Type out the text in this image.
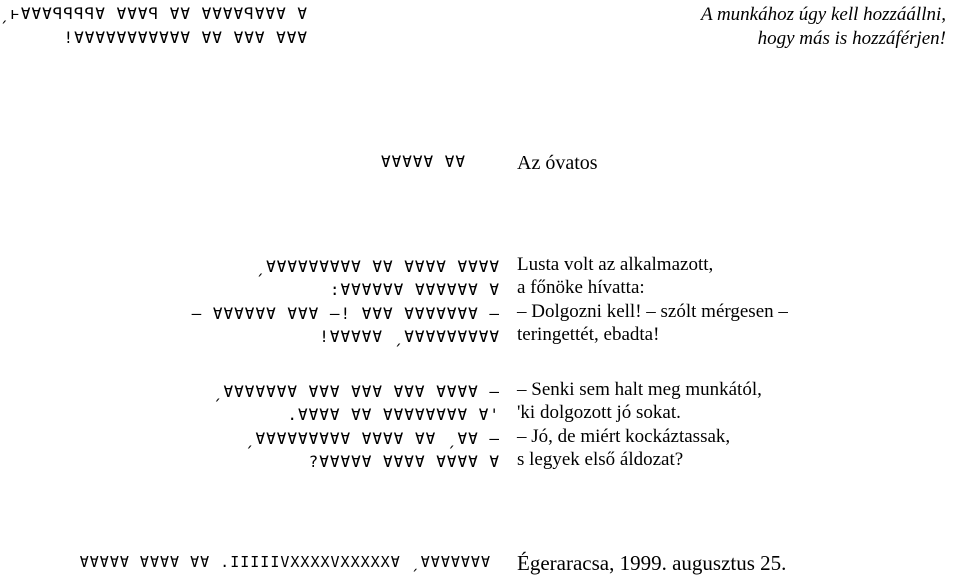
ˏⱶⱯⱯⱯꟼꟼꟼꟼⱯ ⱯⱯⱯꟼ ⱯⱯ ⱯⱯⱯⱯꟼⱯⱯⱯ Ɐ
!ⱯⱯⱯⱯⱯⱯⱯⱯⱯⱯⱯ ⱯⱯ ⱯⱯⱯ ⱯⱯⱯ
ⱯⱯⱯⱯⱯ ⱯⱯ
ˏⱯⱯⱯⱯⱯⱯⱯⱯⱯ ⱯⱯ ⱯⱯⱯⱯ ⱯⱯⱯⱯ
:ⱯⱯⱯⱯⱯⱯ ⱯⱯⱯⱯⱯⱯ Ɐ
– ⱯⱯⱯⱯⱯⱯ ⱯⱯⱯ –! ⱯⱯⱯ ⱯⱯⱯⱯⱯⱯⱯ –
!ⱯⱯⱯⱯⱯ ˏⱯⱯⱯⱯⱯⱯⱯⱯⱯ
ˏⱯⱯⱯⱯⱯⱯⱯ ⱯⱯⱯ ⱯⱯⱯ ⱯⱯⱯ ⱯⱯⱯⱯ –
.ⱯⱯⱯⱯ ⱯⱯ ⱯⱯⱯⱯⱯⱯⱯⱯ Ɐ'
ˏⱯⱯⱯⱯⱯⱯⱯⱯⱯ ⱯⱯⱯⱯ ⱯⱯ ˏⱯⱯ –
?ⱯⱯⱯⱯⱯ ⱯⱯⱯⱯ ⱯⱯⱯⱯ Ɐ
ⱯⱯⱯⱯⱯ ⱯⱯⱯⱯ ⱯⱯ .IIIIIVXXXXVXXXXXⱯ ˏⱯⱯⱯⱯⱯⱯⱯ
A munkához úgy kell hozzáállni,
hogy más is hozzáférjen!
Az óvatos
Lusta volt az alkalmazott,
a főnöke hívatta:
– Dolgozni kell! – szólt mérgesen –
teringettét, ebadta!
– Senki sem halt meg munkától,
'ki dolgozott jó sokat.
– Jó, de miért kockáztassak,
s legyek első áldozat?
Égeraracsa, 1999. augusztus 25.
